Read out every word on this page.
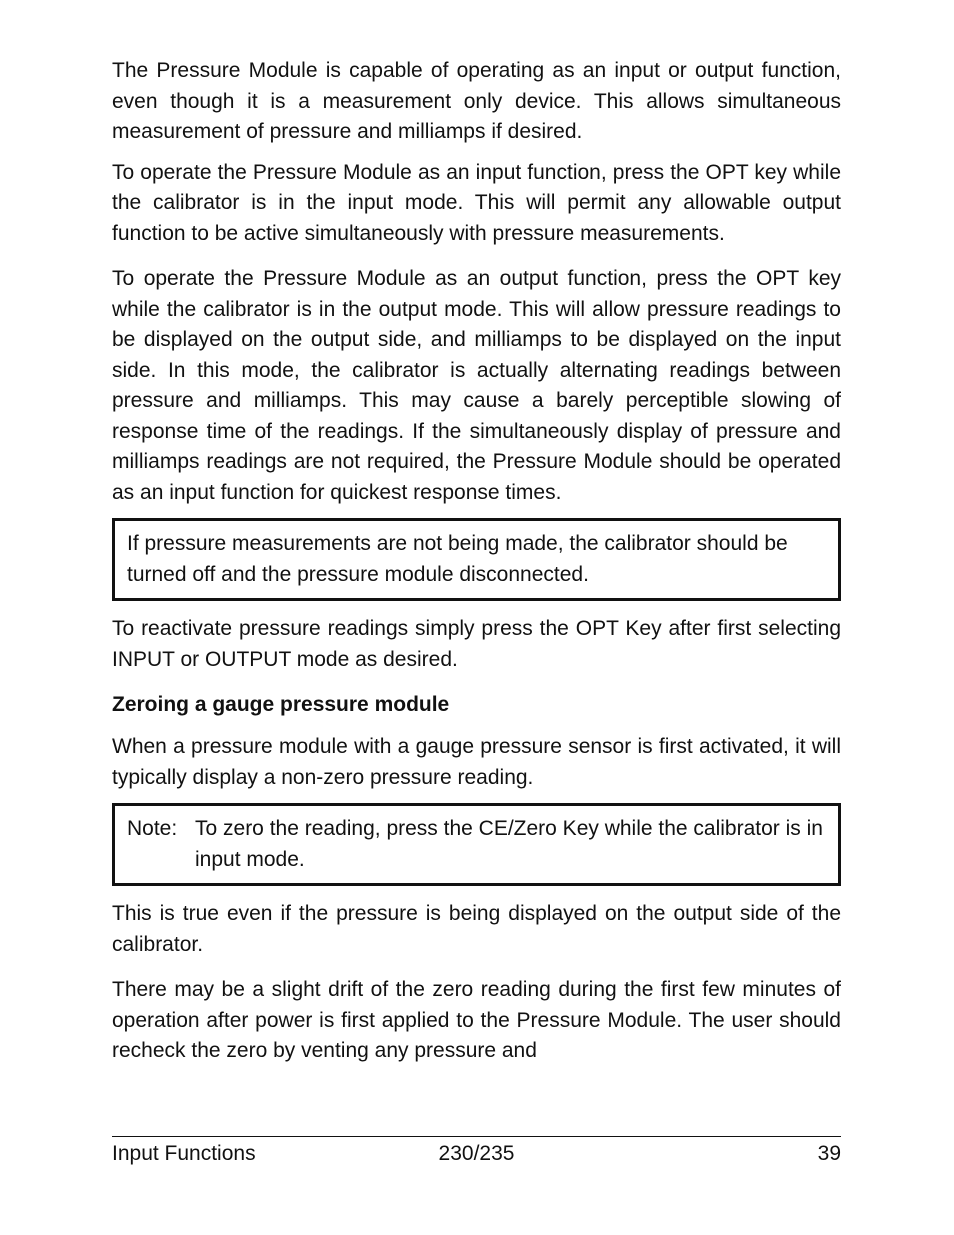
The Pressure Module is capable of operating as an input or output function, even though it is a measurement only device. This allows simultaneous measurement of pressure and milliamps if desired.

To operate the Pressure Module as an input function, press the OPT key while the calibrator is in the input mode. This will permit any allowable output function to be active simultaneously with pressure measurements.

To operate the Pressure Module as an output function, press the OPT key while the calibrator is in the output mode. This will allow pressure readings to be displayed on the output side, and milliamps to be displayed on the input side. In this mode, the calibrator is actually alternating readings between pressure and milliamps. This may cause a barely perceptible slowing of response time of the readings. If the simultaneously display of pressure and milliamps readings are not required, the Pressure Module should be operated as an input function for quickest response times.

If pressure measurements are not being made, the calibrator should be turned off and the pressure module disconnected.

To reactivate pressure readings simply press the OPT Key after first selecting INPUT or OUTPUT mode as desired.

Zeroing a gauge pressure module

When a pressure module with a gauge pressure sensor is first activated, it will typically display a non-zero pressure reading.

Note: To zero the reading, press the CE/Zero Key while the calibrator is in input mode.

This is true even if the pressure is being displayed on the output side of the calibrator.

There may be a slight drift of the zero reading during the first few minutes of operation after power is first applied to the Pressure Module. The user should recheck the zero by venting any pressure and

Input Functions	230/235	39
